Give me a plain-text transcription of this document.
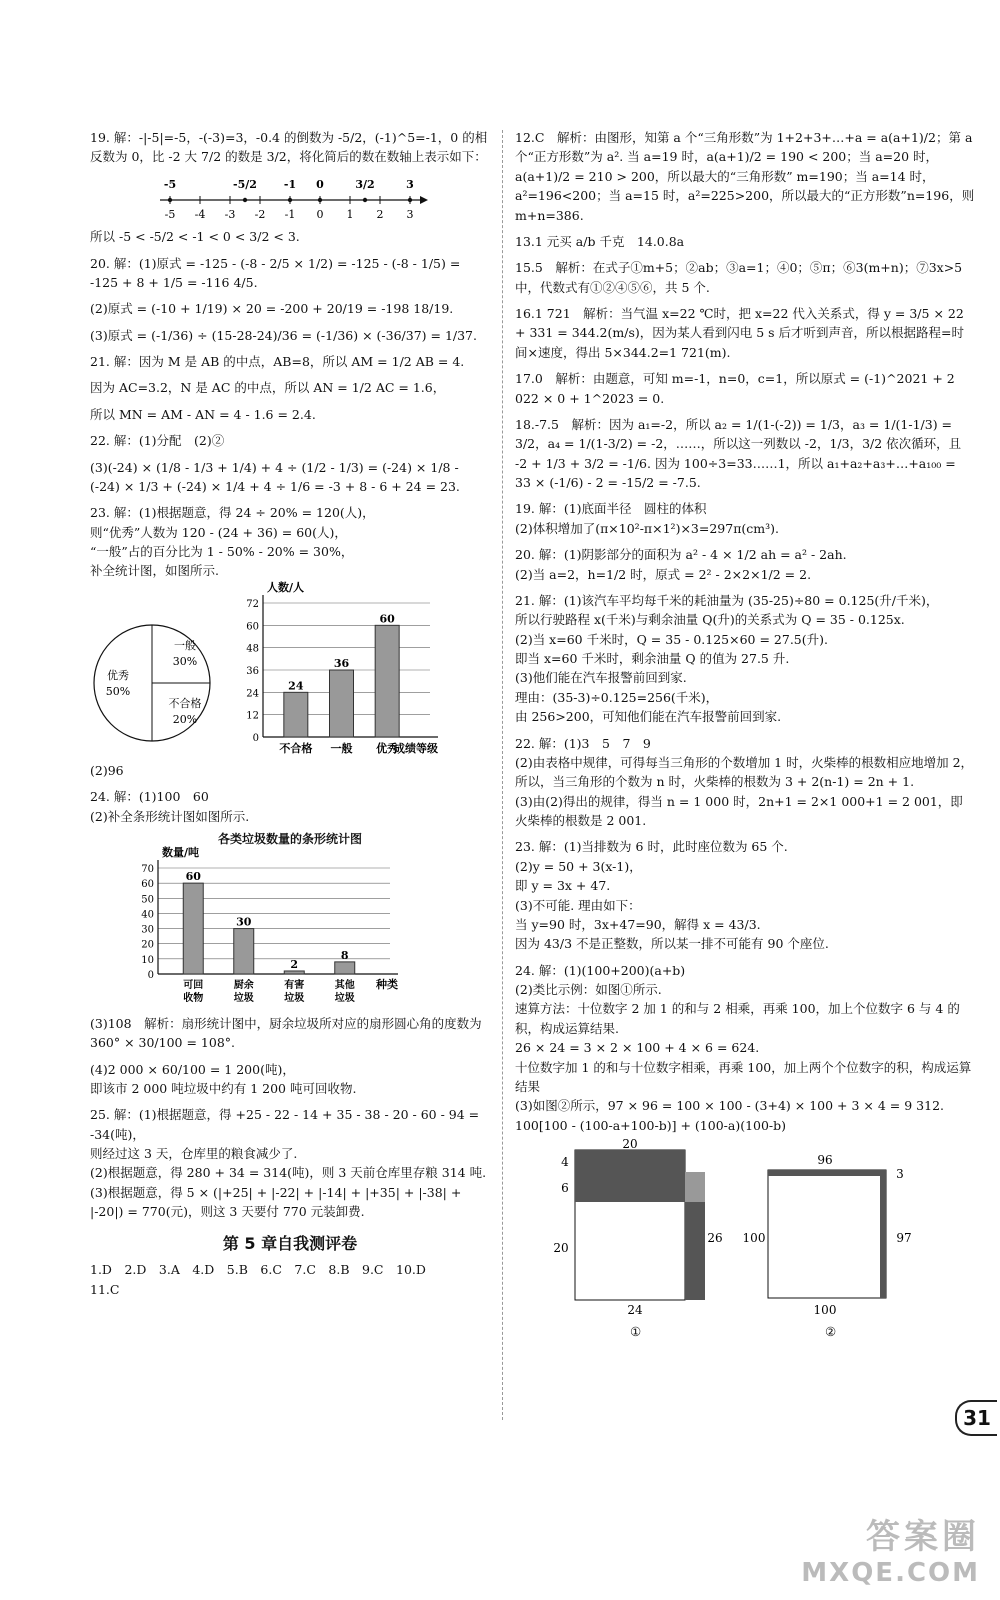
19. 解：-|-5|=-5，-(-3)=3，-0.4 的倒数为 -5/2，(-1)^5=-1，0 的相反数为 0，比 -2 大 7/2 的数是 3/2，将化简后的数在数轴上表示如下：

-5 -4 -3 -2 -1 0 1 2 3
-5	-5/2 -1 0	3/2	3

所以 -5 < -5/2 < -1 < 0 < 3/2 < 3.

20. 解：(1)原式 = -125 - (-8 - 2/5 × 1/2) = -125 - (-8 - 1/5) = -125 + 8 + 1/5 = -116 4/5.

(2)原式 = (-10 + 1/19) × 20 = -200 + 20/19 = -198 18/19.

(3)原式 = (-1/36) ÷ (15-28-24)/36 = (-1/36) × (-36/37) = 1/37.

21. 解：因为 M 是 AB 的中点，AB=8，所以 AM = 1/2 AB = 4.

因为 AC=3.2，N 是 AC 的中点，所以 AN = 1/2 AC = 1.6，

所以 MN = AM - AN = 4 - 1.6 = 2.4.

22. 解：(1)分配　(2)②

(3)(-24) × (1/8 - 1/3 + 1/4) + 4 ÷ (1/2 - 1/3) = (-24) × 1/8 - (-24) × 1/3 + (-24) × 1/4 + 4 ÷ 1/6 = -3 + 8 - 6 + 24 = 23.

23. 解：(1)根据题意，得 24 ÷ 20% = 120(人)，

则“优秀”人数为 120 - (24 + 36) = 60(人)，

“一般”占的百分比为 1 - 50% - 20% = 30%，

补全统计图，如图所示.

一般
30%
优秀
50%
不合格
20%
0
12
24
36
48
60
72
人数/人
成绩等级
24
不合格
36
一般
60
优秀

(2)96

24. 解：(1)100　60

(2)补全条形统计图如图所示.

各类垃圾数量的条形统计图
0
10
20
30
40
50
60
70
数量/吨
种类
60
可回
收物
30
厨余
垃圾
2
有害
垃圾
8
其他
垃圾

(3)108　解析：扇形统计图中，厨余垃圾所对应的扇形圆心角的度数为 360° × 30/100 = 108°.

(4)2 000 × 60/100 = 1 200(吨)，

即该市 2 000 吨垃圾中约有 1 200 吨可回收物.

25. 解：(1)根据题意，得 +25 - 22 - 14 + 35 - 38 - 20 - 60 - 94 = -34(吨)，

则经过这 3 天，仓库里的粮食减少了.

(2)根据题意，得 280 + 34 = 314(吨)，则 3 天前仓库里存粮 314 吨.

(3)根据题意，得 5 × (|+25| + |-22| + |-14| + |+35| + |-38| + |-20|) = 770(元)，则这 3 天要付 770 元装卸费.

第 5 章自我测评卷

1.D　2.D　3.A　4.D　5.B　6.C　7.C　8.B　9.C　10.D

11.C

12.C　解析：由图形，知第 a 个“三角形数”为 1+2+3+…+a = a(a+1)/2；第 a 个“正方形数”为 a². 当 a=19 时，a(a+1)/2 = 190 < 200；当 a=20 时，a(a+1)/2 = 210 > 200，所以最大的“三角形数” m=190；当 a=14 时，a²=196<200；当 a=15 时，a²=225>200，所以最大的“正方形数”n=196，则 m+n=386.

13.1 元买 a/b 千克　14.0.8a

15.5　解析：在式子①m+5；②ab；③a=1；④0；⑤π；⑥3(m+n)；⑦3x>5 中，代数式有①②④⑤⑥，共 5 个.

16.1 721　解析：当气温 x=22 ℃时，把 x=22 代入关系式，得 y = 3/5 × 22 + 331 = 344.2(m/s)，因为某人看到闪电 5 s 后才听到声音，所以根据路程=时间×速度，得出 5×344.2=1 721(m).

17.0　解析：由题意，可知 m=-1，n=0，c=1，所以原式 = (-1)^2021 + 2 022 × 0 + 1^2023 = 0.

18.-7.5　解析：因为 a₁=-2，所以 a₂ = 1/(1-(-2)) = 1/3，a₃ = 1/(1-1/3) = 3/2，a₄ = 1/(1-3/2) = -2，……，所以这一列数以 -2，1/3，3/2 依次循环，且 -2 + 1/3 + 3/2 = -1/6. 因为 100÷3=33……1，所以 a₁+a₂+a₃+…+a₁₀₀ = 33 × (-1/6) - 2 = -15/2 = -7.5.

19. 解：(1)底面半径　圆柱的体积

(2)体积增加了(π×10²-π×1²)×3=297π(cm³).

20. 解：(1)阴影部分的面积为 a² - 4 × 1/2 ah = a² - 2ah.

(2)当 a=2，h=1/2 时，原式 = 2² - 2×2×1/2 = 2.

21. 解：(1)该汽车平均每千米的耗油量为 (35-25)÷80 = 0.125(升/千米)，

所以行驶路程 x(千米)与剩余油量 Q(升)的关系式为 Q = 35 - 0.125x.

(2)当 x=60 千米时，Q = 35 - 0.125×60 = 27.5(升).

即当 x=60 千米时，剩余油量 Q 的值为 27.5 升.

(3)他们能在汽车报警前回到家.

理由：(35-3)÷0.125=256(千米)，

由 256>200，可知他们能在汽车报警前回到家.

22. 解：(1)3　5　7　9

(2)由表格中规律，可得每当三角形的个数增加 1 时，火柴棒的根数相应地增加 2，所以，当三角形的个数为 n 时，火柴棒的根数为 3 + 2(n-1) = 2n + 1.

(3)由(2)得出的规律，得当 n = 1 000 时，2n+1 = 2×1 000+1 = 2 001，即火柴棒的根数是 2 001.

23. 解：(1)当排数为 6 时，此时座位数为 65 个.

(2)y = 50 + 3(x-1)，

即 y = 3x + 47.

(3)不可能. 理由如下：

当 y=90 时，3x+47=90，解得 x = 43/3.

因为 43/3 不是正整数，所以某一排不可能有 90 个座位.

24. 解：(1)(100+200)(a+b)

(2)类比示例：如图①所示.

速算方法：十位数字 2 加 1 的和与 2 相乘，再乘 100，加上个位数字 6 与 4 的积，构成运算结果.

26 × 24 = 3 × 2 × 100 + 4 × 6 = 624.

十位数字加 1 的和与十位数字相乘，再乘 100，加上两个个位数字的积，构成运算结果

(3)如图②所示，97 × 96 = 100 × 100 - (3+4) × 100 + 3 × 4 = 9 312.

100[100 - (100-a+100-b)] + (100-a)(100-b)

20
4
6
20
26
24
96
3
100	97
100
①	②
31
答案圈
MXQE.COM
